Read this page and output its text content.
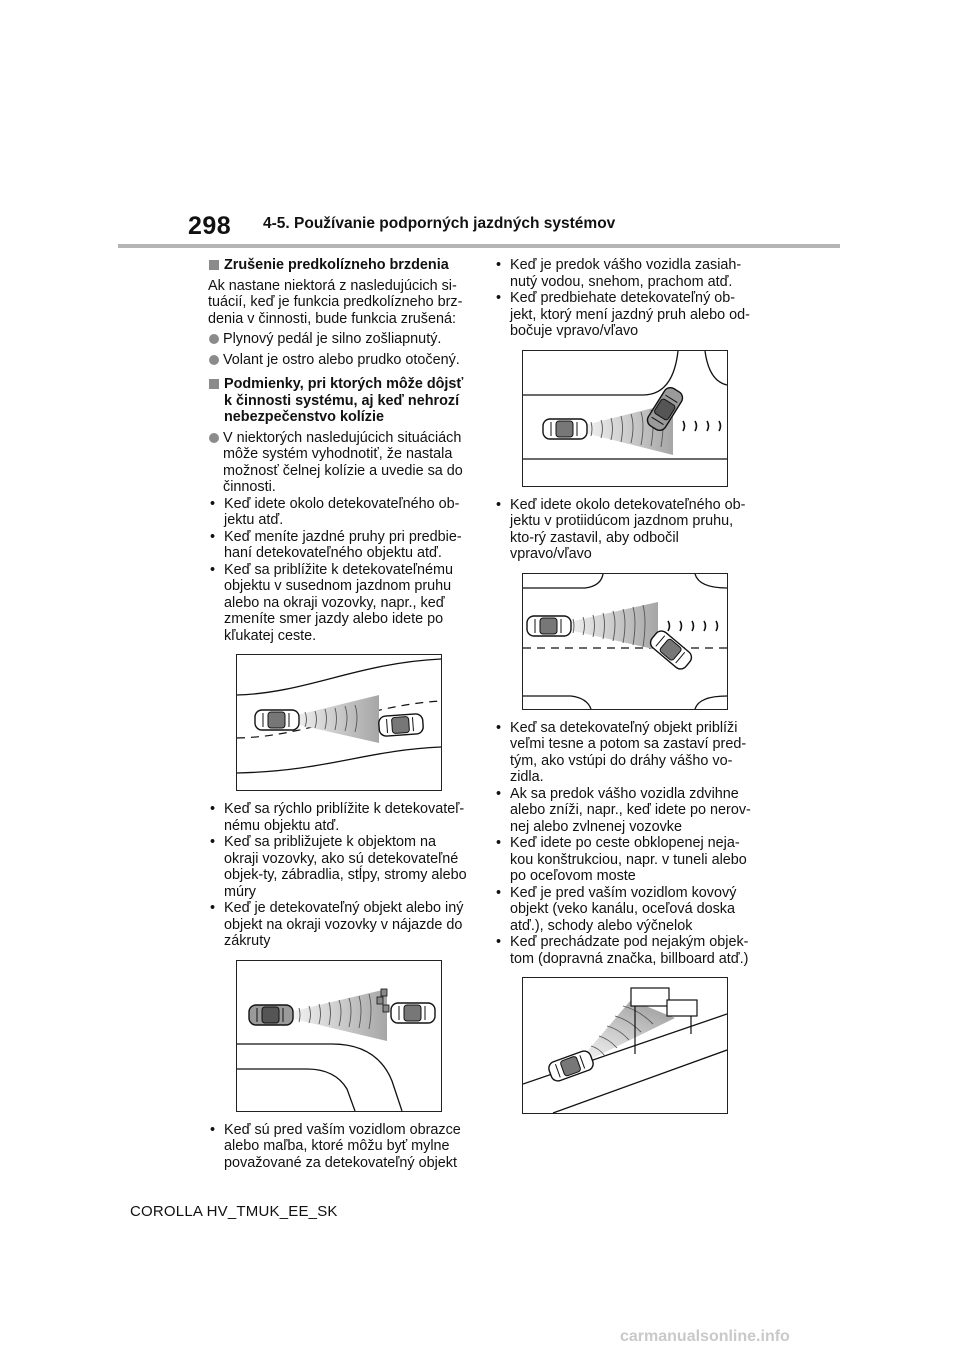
298 4-5. Používanie podporných jazdných systémov
Zrušenie predkolízneho brzdenia

Ak nastane niektorá z nasledujúcich si-tuácií, keď je funkcia predkolízneho brz-denia v činnosti, bude funkcia zrušená:

Plynový pedál je silno zošliapnutý.
Volant je ostro alebo prudko otočený.
Podmienky, pri ktorých môže dôjsť k činnosti systému, aj keď nehrozí nebezpečenstvo kolízie
V niektorých nasledujúcich situáciách môže systém vyhodnotiť, že nastala možnosť čelnej kolízie a uvedie sa do činnosti.
• Keď idete okolo detekovateľného ob-jektu atď.
• Keď meníte jazdné pruhy pri predbie-haní detekovateľného objektu atď.
• Keď sa priblížite k detekovateľnému objektu v susednom jazdnom pruhu alebo na okraji vozovky, napr., keď zmeníte smer jazdy alebo idete po kľukatej ceste.
• Keď sa rýchlo priblížite k detekovateľ-nému objektu atď.
• Keď sa približujete k objektom na okraji vozovky, ako sú detekovateľné objek-ty, zábradlia, stĺpy, stromy alebo múry
• Keď je detekovateľný objekt alebo iný objekt na okraji vozovky v nájazde do zákruty
• Keď sú pred vaším vozidlom obrazce alebo maľba, ktoré môžu byť mylne považované za detekovateľný objekt
• Keď je predok vášho vozidla zasiah-nutý vodou, snehom, prachom atď.
• Keď predbiehate detekovateľný ob-jekt, ktorý mení jazdný pruh alebo od-bočuje vpravo/vľavo
• Keď idete okolo detekovateľného ob-jektu v protiidúcom jazdnom pruhu, kto-rý zastavil, aby odbočil vpravo/vľavo
• Keď sa detekovateľný objekt priblíži veľmi tesne a potom sa zastaví pred-tým, ako vstúpi do dráhy vášho vo-zidla.
• Ak sa predok vášho vozidla zdvihne alebo zníži, napr., keď idete po nerov-nej alebo zvlnenej vozovke
• Keď idete po ceste obklopenej neja-kou konštrukciou, napr. v tuneli alebo po oceľovom moste
• Keď je pred vaším vozidlom kovový objekt (veko kanálu, oceľová doska atď.), schody alebo výčnelok
• Keď prechádzate pod nejakým objek-tom (dopravná značka, billboard atď.)
COROLLA HV_TMUK_EE_SK
carmanualsonline.info
